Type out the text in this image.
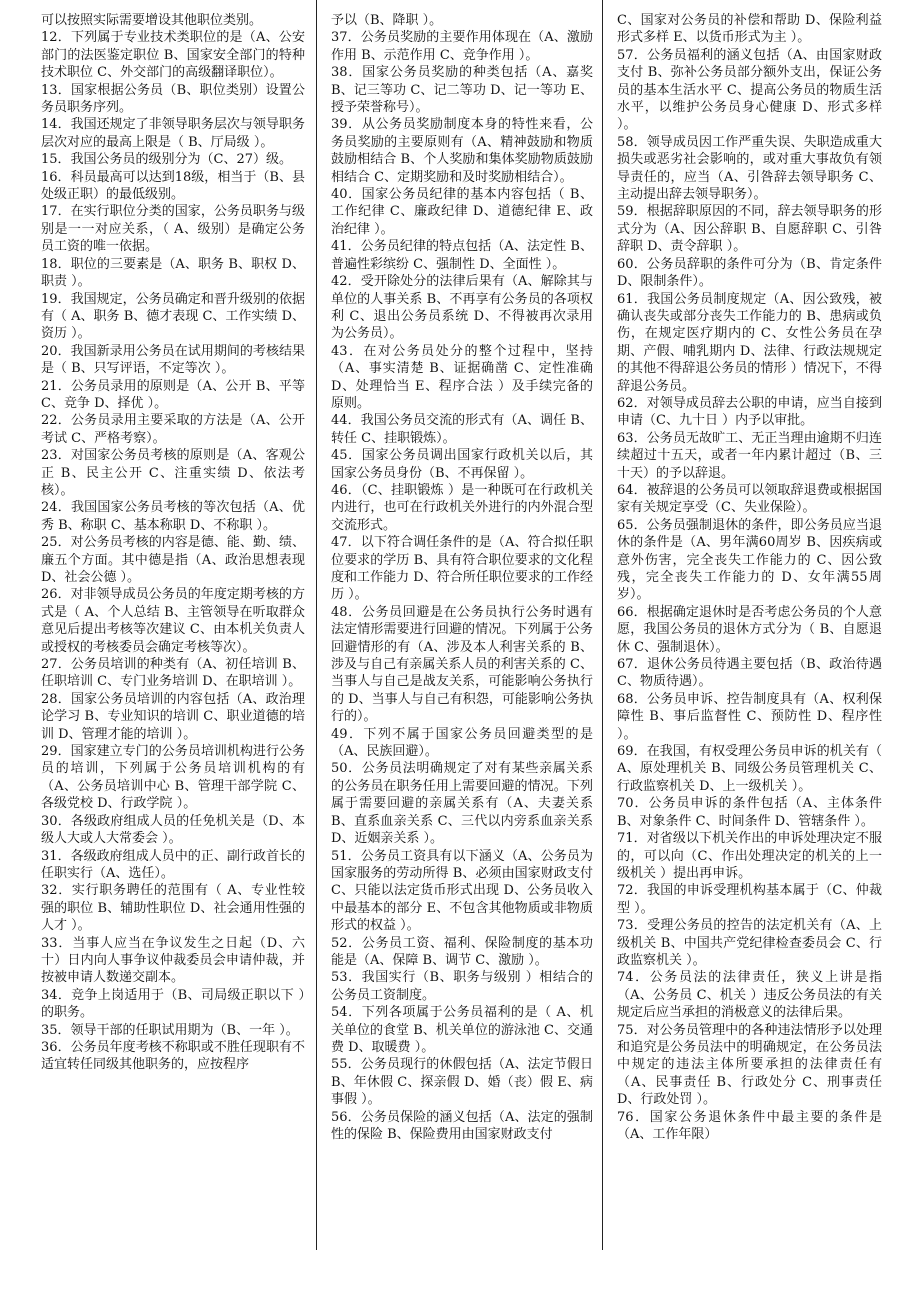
可以按照实际需要增设其他职位类别。

12．下列属于专业技术类职位的是（A、公安部门的法医鉴定职位 B、国家安全部门的特种技术职位 C、外交部门的高级翻译职位）。

13．国家根据公务员（B、职位类别）设置公务员职务序列。

14．我国还规定了非领导职务层次与领导职务层次对应的最高上限是（ B、厅局级 ）。

15．我国公务员的级别分为（C、27）级。

16．科员最高可以达到18级，相当于（B、县处级正职）的最低级别。

17．在实行职位分类的国家，公务员职务与级别是一一对应关系，（ A、级别）是确定公务员工资的唯一依据。

18．职位的三要素是（A、职务 B、职权 D、职责 ）。

19．我国规定，公务员确定和晋升级别的依据有（ A、职务 B、德才表现 C、工作实绩 D、资历 ）。

20．我国新录用公务员在试用期间的考核结果是（ B、只写评语，不定等次 ）。

21．公务员录用的原则是（A、公开 B、平等 C、竞争 D、择优 ）。

22．公务员录用主要采取的方法是（A、公开考试 C、严格考察）。

23．对国家公务员考核的原则是（A、客观公正 B、民主公开 C、注重实绩 D、依法考核）。

24．我国国家公务员考核的等次包括（A、优秀 B、称职 C、基本称职 D、不称职 ）。

25．对公务员考核的内容是德、能、勤、绩、廉五个方面。其中德是指（A、政治思想表现 D、社会公德 ）。

26．对非领导成员公务员的年度定期考核的方式是（ A、个人总结 B、主管领导在听取群众意见后提出考核等次建议 C、由本机关负责人或授权的考核委员会确定考核等次）。

27．公务员培训的种类有（A、初任培训 B、任职培训 C、专门业务培训 D、在职培训 ）。

28．国家公务员培训的内容包括（A、政治理论学习 B、专业知识的培训 C、职业道德的培训 D、管理才能的培训 ）。

29．国家建立专门的公务员培训机构进行公务员的培训，下列属于公务员培训机构的有（A、公务员培训中心 B、管理干部学院 C、各级党校 D、行政学院 ）。

30．各级政府组成人员的任免机关是（D、本级人大或人大常委会 ）。

31．各级政府组成人员中的正、副行政首长的任职实行（A、选任）。

32．实行职务聘任的范围有（ A、专业性较强的职位 B、辅助性职位 D、社会通用性强的人才 ）。

33．当事人应当在争议发生之日起（D、六十）日内向人事争议仲裁委员会申请仲裁，并按被申请人数递交副本。

34．竞争上岗适用于（B、司局级正职以下 ）的职务。

35．领导干部的任职试用期为（B、一年 ）。

36．公务员年度考核不称职或不胜任现职有不适宜转任同级其他职务的，应按程序

予以（B、降职 ）。

37．公务员奖励的主要作用体现在（A、激励作用 B、示范作用 C、竞争作用 ）。

38．国家公务员奖励的种类包括（A、嘉奖 B、记三等功 C、记二等功 D、记一等功 E、授予荣誉称号）。

39．从公务员奖励制度本身的特性来看，公务员奖励的主要原则有（A、精神鼓励和物质鼓励相结合 B、个人奖励和集体奖励物质鼓励相结合 C、定期奖励和及时奖励相结合）。

40．国家公务员纪律的基本内容包括（ B、工作纪律 C、廉政纪律 D、道德纪律 E、政治纪律 ）。

41．公务员纪律的特点包括（A、法定性 B、普遍性彩缤纷 C、强制性 D、全面性 ）。

42．受开除处分的法律后果有（A、解除其与单位的人事关系 B、不再享有公务员的各项权利 C、退出公务员系统 D、不得被再次录用为公务员）。

43．在对公务员处分的整个过程中，坚持（A、事实清楚 B、证据确凿 C、定性准确 D、处理恰当 E、程序合法 ）及手续完备的原则。

44．我国公务员交流的形式有（A、调任 B、转任 C、挂职锻炼）。

45．国家公务员调出国家行政机关以后，其国家公务员身份（B、不再保留 ）。

46．（C、挂职锻炼 ）是一种既可在行政机关内进行，也可在行政机关外进行的内外混合型交流形式。

47．以下符合调任条件的是（A、符合拟任职位要求的学历 B、具有符合职位要求的文化程度和工作能力 D、符合所任职位要求的工作经历 ）。

48．公务员回避是在公务员执行公务时遇有法定情形需要进行回避的情况。下列属于公务回避情形的有（A、涉及本人利害关系的 B、涉及与自己有亲属关系人员的利害关系的 C、当事人与自己是战友关系，可能影响公务执行的 D、当事人与自己有积怨，可能影响公务执行的）。

49．下列不属于国家公务员回避类型的是（A、民族回避）。

50．公务员法明确规定了对有某些亲属关系的公务员在职务任用上需要回避的情况。下列属于需要回避的亲属关系有（A、夫妻关系 B、直系血亲关系 C、三代以内旁系血亲关系 D、近姻亲关系 ）。

51．公务员工资具有以下涵义（A、公务员为国家服务的劳动所得 B、必须由国家财政支付 C、只能以法定货币形式出现 D、公务员收入中最基本的部分 E、不包含其他物质或非物质形式的权益 ）。

52．公务员工资、福利、保险制度的基本功能是（A、保障 B、调节 C、激励 ）。

53．我国实行（B、职务与级别 ）相结合的公务员工资制度。

54．下列各项属于公务员福利的是（ A、机关单位的食堂 B、机关单位的游泳池 C、交通费 D、取暖费 ）。

55．公务员现行的休假包括（A、法定节假日 B、年休假 C、探亲假 D、婚（丧）假 E、病事假 ）。

56．公务员保险的涵义包括（A、法定的强制性的保险 B、保险费用由国家财政支付

C、国家对公务员的补偿和帮助 D、保险利益形式多样 E、以货币形式为主 ）。

57．公务员福利的涵义包括（A、由国家财政支付 B、弥补公务员部分额外支出，保证公务员的基本生活水平 C、提高公务员的物质生活水平，以维护公务员身心健康 D、形式多样 ）。

58．领导成员因工作严重失误、失职造成重大损失或恶劣社会影响的，或对重大事故负有领导责任的，应当（A、引咎辞去领导职务 C、主动提出辞去领导职务）。

59．根据辞职原因的不同，辞去领导职务的形式分为（A、因公辞职 B、自愿辞职 C、引咎辞职 D、责令辞职 ）。

60．公务员辞职的条件可分为（B、肯定条件 D、限制条件）。

61．我国公务员制度规定（A、因公致残，被确认丧失或部分丧失工作能力的 B、患病或负伤，在规定医疗期内的 C、女性公务员在孕期、产假、哺乳期内 D、法律、行政法规规定的其他不得辞退公务员的情形 ）情况下，不得辞退公务员。

62．对领导成员辞去公职的申请，应当自接到申请（C、九十日 ）内予以审批。

63．公务员无故旷工、无正当理由逾期不归连续超过十五天，或者一年内累计超过（B、三十天）的予以辞退。

64．被辞退的公务员可以领取辞退费或根据国家有关规定享受（C、失业保险）。

65．公务员强制退休的条件，即公务员应当退休的条件是（A、男年满60周岁 B、因疾病或意外伤害，完全丧失工作能力的 C、因公致残，完全丧失工作能力的 D、女年满55周岁）。

66．根据确定退休时是否考虑公务员的个人意愿，我国公务员的退休方式分为（ B、自愿退休 C、强制退休）。

67．退休公务员待遇主要包括（B、政治待遇 C、物质待遇）。

68．公务员申诉、控告制度具有（A、权利保障性 B、事后监督性 C、预防性 D、程序性 ）。

69．在我国，有权受理公务员申诉的机关有（ A、原处理机关 B、同级公务员管理机关 C、行政监察机关 D、上一级机关 ）。

70．公务员申诉的条件包括（A、主体条件 B、对象条件 C、时间条件 D、管辖条件 ）。

71．对省级以下机关作出的申诉处理决定不服的，可以向（C、作出处理决定的机关的上一级机关 ）提出再申诉。

72．我国的申诉受理机构基本属于（C、仲裁型 ）。

73．受理公务员的控告的法定机关有（A、上级机关 B、中国共产党纪律检查委员会 C、行政监察机关 ）。

74．公务员法的法律责任，狭义上讲是指（A、公务员 C、机关 ）违反公务员法的有关规定后应当承担的消极意义的法律后果。

75．对公务员管理中的各种违法情形予以处理和追究是公务员法中的明确规定，在公务员法中规定的违法主体所要承担的法律责任有（A、民事责任 B、行政处分 C、刑事责任 D、行政处罚 ）。

76．国家公务退休条件中最主要的条件是（A、工作年限）
